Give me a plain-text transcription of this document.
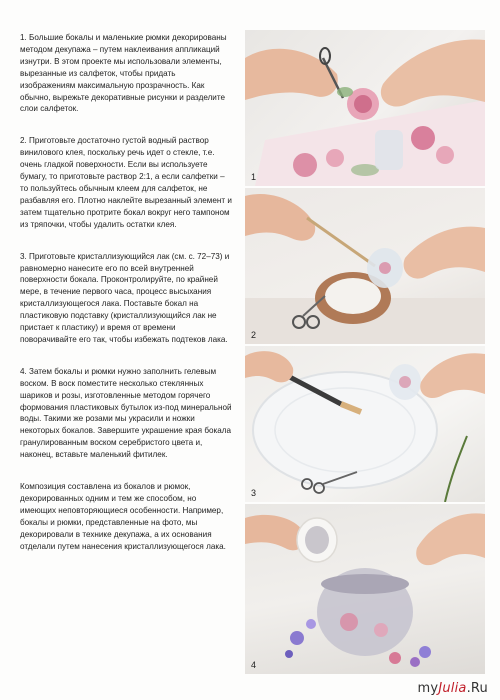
1. Большие бокалы и маленькие рюмки декорированы методом декупажа – путем наклеивания аппликаций изнутри. В этом проекте мы использовали элементы, вырезанные из салфеток, чтобы придать изображениям максимальную прозрачность. Как обычно, вырежьте декоративные рисунки и разделите слои салфеток.

2. Приготовьте достаточно густой водный раствор винилового клея, поскольку речь идет о стекле, т.е. очень гладкой поверхности. Если вы используете бумагу, то приготовьте раствор 2:1, а если салфетки – то пользуйтесь обычным клеем для салфеток, не разбавляя его. Плотно наклейте вырезанный элемент и затем тщательно протрите бокал вокруг него тампоном из тряпочки, чтобы удалить остатки клея.

3. Приготовьте кристаллизующийся лак (см. с. 72–73) и равномерно нанесите его по всей внутренней поверхности бокала. Проконтролируйте, по крайней мере, в течение первого часа, процесс высыхания кристаллизующегося лака. Поставьте бокал на пластиковую подставку (кристаллизующийся лак не пристает к пластику) и время от времени поворачивайте его так, чтобы избежать подтеков лака.

4. Затем бокалы и рюмки нужно заполнить гелевым воском. В воск поместите несколько стеклянных шариков и розы, изготовленные методом горячего формования пластиковых бутылок из-под минеральной воды. Такими же розами мы украсили и ножки некоторых бокалов. Завершите украшение края бокала гранулированным воском серебристого цвета и, наконец, вставьте маленький фитилек.

Композиция составлена из бокалов и рюмок, декорированных одним и тем же способом, но имеющих неповторяющиеся особенности. Например, бокалы и рюмки, представленные на фото, мы декорировали в технике декупажа, а их основания отделали путем нанесения кристаллизующегося лака.

1
2
3
4
myJulia.Ru
